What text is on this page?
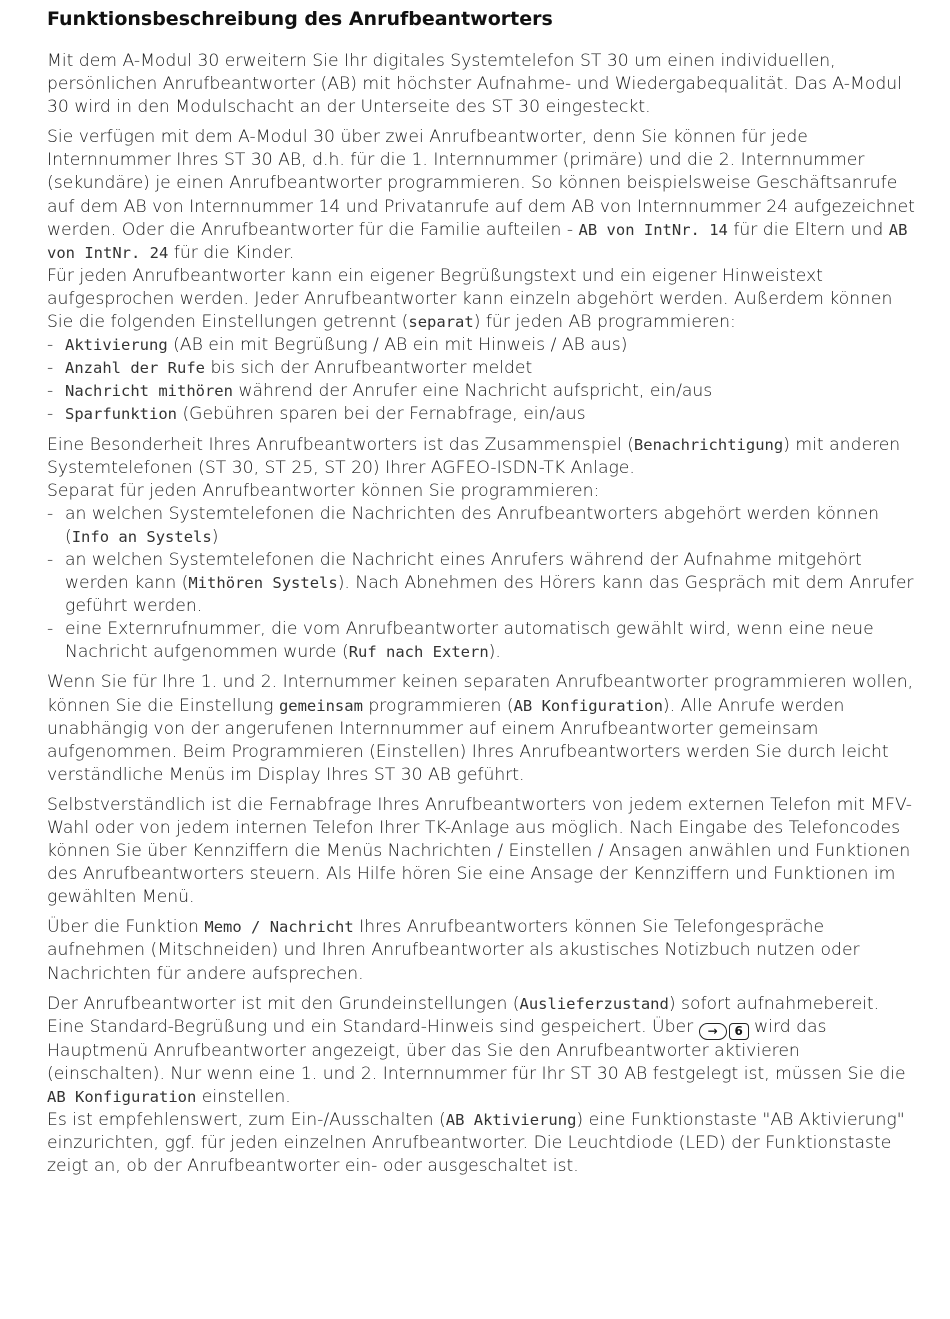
Funktionsbeschreibung des Anrufbeantworters

Mit dem A-Modul 30 erweitern Sie Ihr digitales Systemtelefon ST 30 um einen individuellen, persönlichen Anrufbeantworter (AB) mit höchster Aufnahme- und Wiedergabequalität. Das A-Modul 30 wird in den Modulschacht an der Unterseite des ST 30 eingesteckt.

Sie verfügen mit dem A-Modul 30 über zwei Anrufbeantworter, denn Sie können für jede Internnummer Ihres ST 30 AB, d.h. für die 1. Internnummer (primäre) und die 2. Internnummer (sekundäre) je einen Anrufbeantworter programmieren. So können beispielsweise Geschäftsanrufe auf dem AB von Internnummer 14 und Privatanrufe auf dem AB von Internnummer 24 aufgezeichnet werden. Oder die Anrufbeantworter für die Familie aufteilen - AB von IntNr. 14 für die Eltern und AB von IntNr. 24 für die Kinder.

Für jeden Anrufbeantworter kann ein eigener Begrüßungstext und ein eigener Hinweistext aufgesprochen werden. Jeder Anrufbeantworter kann einzeln abgehört werden. Außerdem können Sie die folgenden Einstellungen getrennt (separat) für jeden AB programmieren:

- Aktivierung (AB ein mit Begrüßung / AB ein mit Hinweis / AB aus)
- Anzahl der Rufe bis sich der Anrufbeantworter meldet
- Nachricht mithören während der Anrufer eine Nachricht aufspricht, ein/aus
- Sparfunktion (Gebühren sparen bei der Fernabfrage, ein/aus

Eine Besonderheit Ihres Anrufbeantworters ist das Zusammenspiel (Benachrichtigung) mit anderen Systemtelefonen (ST 30, ST 25, ST 20) Ihrer AGFEO-ISDN-TK Anlage.
Separat für jeden Anrufbeantworter können Sie programmieren:

- an welchen Systemtelefonen die Nachrichten des Anrufbeantworters abgehört werden können (Info an Systels)
- an welchen Systemtelefonen die Nachricht eines Anrufers während der Aufnahme mitgehört werden kann (Mithören Systels). Nach Abnehmen des Hörers kann das Gespräch mit dem Anrufer geführt werden.
- eine Externrufnummer, die vom Anrufbeantworter automatisch gewählt wird, wenn eine neue Nachricht aufgenommen wurde (Ruf nach Extern).

Wenn Sie für Ihre 1. und 2. Internummer keinen separaten Anrufbeantworter programmieren wollen, können Sie die Einstellung gemeinsam programmieren (AB Konfiguration). Alle Anrufe werden unabhängig von der angerufenen Internnummer auf einem Anrufbeantworter gemeinsam aufgenommen. Beim Programmieren (Einstellen) Ihres Anrufbeantworters werden Sie durch leicht verständliche Menüs im Display Ihres ST 30 AB geführt.

Selbstverständlich ist die Fernabfrage Ihres Anrufbeantworters von jedem externen Telefon mit MFV-Wahl oder von jedem internen Telefon Ihrer TK-Anlage aus möglich. Nach Eingabe des Telefoncodes können Sie über Kennziffern die Menüs Nachrichten / Einstellen / Ansagen anwählen und Funktionen des Anrufbeantworters steuern. Als Hilfe hören Sie eine Ansage der Kennziffern und Funktionen im gewählten Menü.

Über die Funktion Memo / Nachricht Ihres Anrufbeantworters können Sie Telefongespräche aufnehmen (Mitschneiden) und Ihren Anrufbeantworter als akustisches Notizbuch nutzen oder Nachrichten für andere aufsprechen.

Der Anrufbeantworter ist mit den Grundeinstellungen (Auslieferzustand) sofort aufnahmebereit. Eine Standard-Begrüßung und ein Standard-Hinweis sind gespeichert. Über →	6 wird das Hauptmenü Anrufbeantworter angezeigt, über das Sie den Anrufbeantworter aktivieren (einschalten). Nur wenn eine 1. und 2. Internnummer für Ihr ST 30 AB festgelegt ist, müssen Sie die AB Konfiguration einstellen.
Es ist empfehlenswert, zum Ein-/Ausschalten (AB Aktivierung) eine Funktionstaste "AB Aktivierung" einzurichten, ggf. für jeden einzelnen Anrufbeantworter. Die Leuchtdiode (LED) der Funktionstaste zeigt an, ob der Anrufbeantworter ein- oder ausgeschaltet ist.
